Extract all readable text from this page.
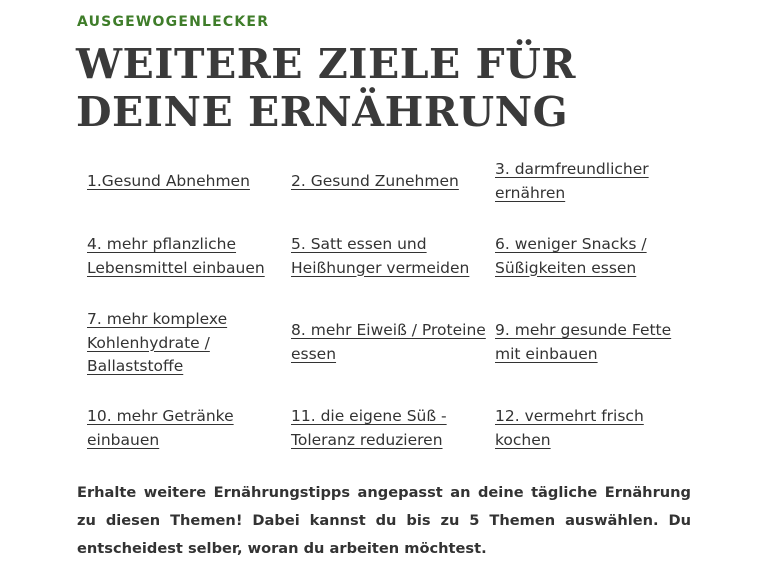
AUSGEWOGENLECKER
WEITERE ZIELE FÜR
DEINE ERNÄHRUNG
1.Gesund Abnehmen	2. Gesund Zunehmen
3. darmfreundlicher ernähren
4. mehr pflanzliche Lebensmittel einbauen
5. Satt essen und Heißhunger vermeiden
6. weniger Snacks / Süßigkeiten essen
7. mehr komplexe Kohlenhydrate / Ballaststoffe
8. mehr Eiweiß / Proteine essen
9. mehr gesunde Fette mit einbauen
10. mehr Getränke einbauen
11. die eigene Süß - Toleranz reduzieren
12. vermehrt frisch kochen

Erhalte weitere Ernährungstipps angepasst an deine tägliche Ernährung zu diesen Themen! Dabei kannst du bis zu 5 Themen auswählen. Du entscheidest selber, woran du arbeiten möchtest.
